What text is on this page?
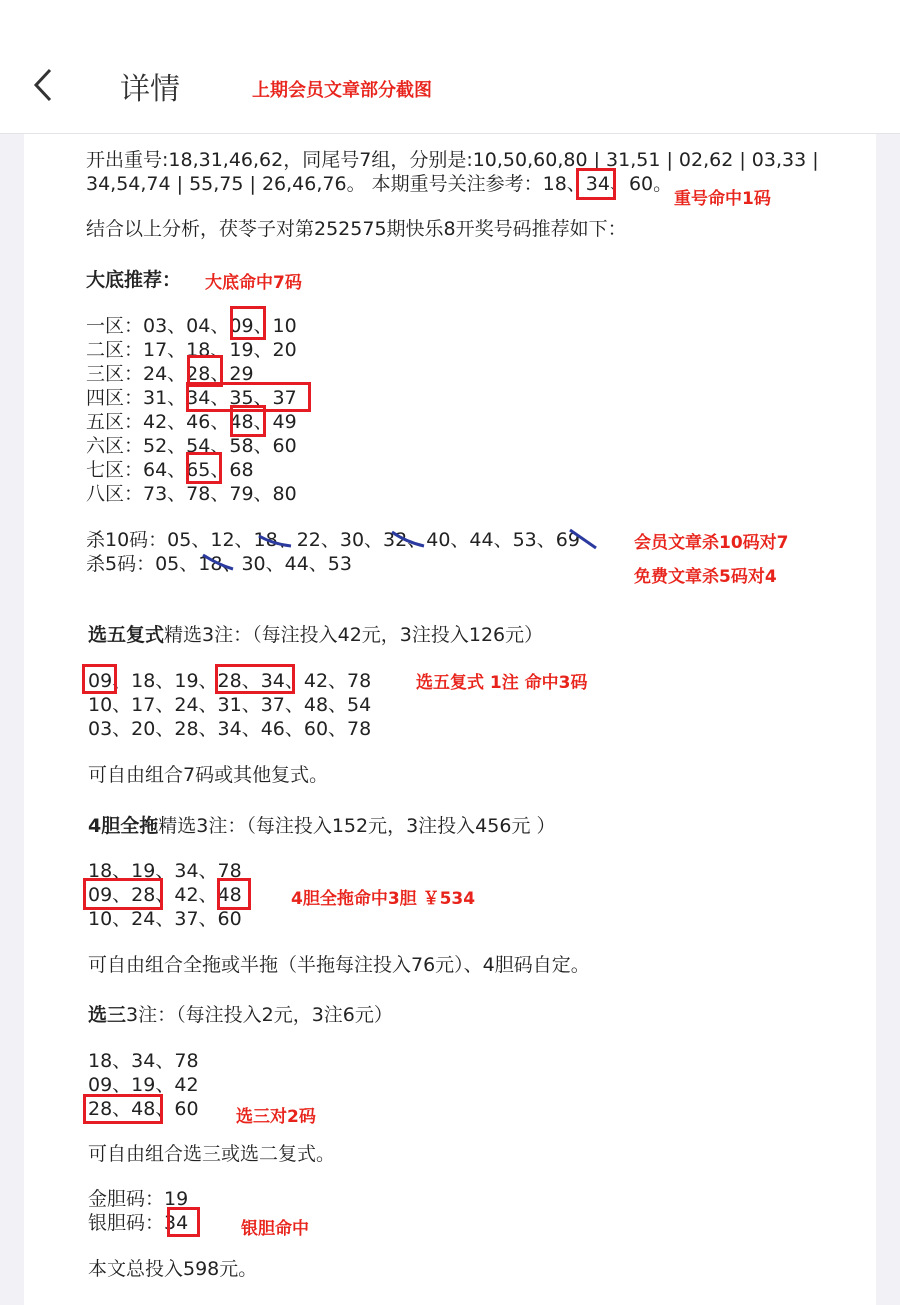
详情	上期会员文章部分截图
开出重号:18,31,46,62，同尾号7组，分别是:10,50,60,80 | 31,51 | 02,62 | 03,33 |
34,54,74 | 55,75 | 26,46,76。 本期重号关注参考：18、34、60。
重号命中1码
结合以上分析，茯苓子对第252575期快乐8开奖号码推荐如下：
大底推荐： 大底命中7码
一区：03、04、09、10
二区：17、18、19、20
三区：24、28、29
四区：31、34、35、37
五区：42、46、48、49
六区：52、54、58、60
七区：64、65、68
八区：73、78、79、80
杀10码：05、12、18、22、30、32、40、44、53、69
杀5码：05、18、30、44、53
会员文章杀10码对7
免费文章杀5码对4
选五复式精选3注：（每注投入42元，3注投入126元）
09、18、19、28、34、42、78
10、17、24、31、37、48、54
03、20、28、34、46、60、78
选五复式 1注 命中3码
可自由组合7码或其他复式。
4胆全拖精选3注：（每注投入152元，3注投入456元 ）
18、19、34、78
09、28、42、48
10、24、37、60
4胆全拖命中3胆 ￥534
可自由组合全拖或半拖（半拖每注投入76元）、4胆码自定。
选三3注：（每注投入2元，3注6元）
18、34、78
09、19、42
28、48、60 选三对2码
可自由组合选三或选二复式。
金胆码：19
银胆码：34	银胆命中
本文总投入598元。
